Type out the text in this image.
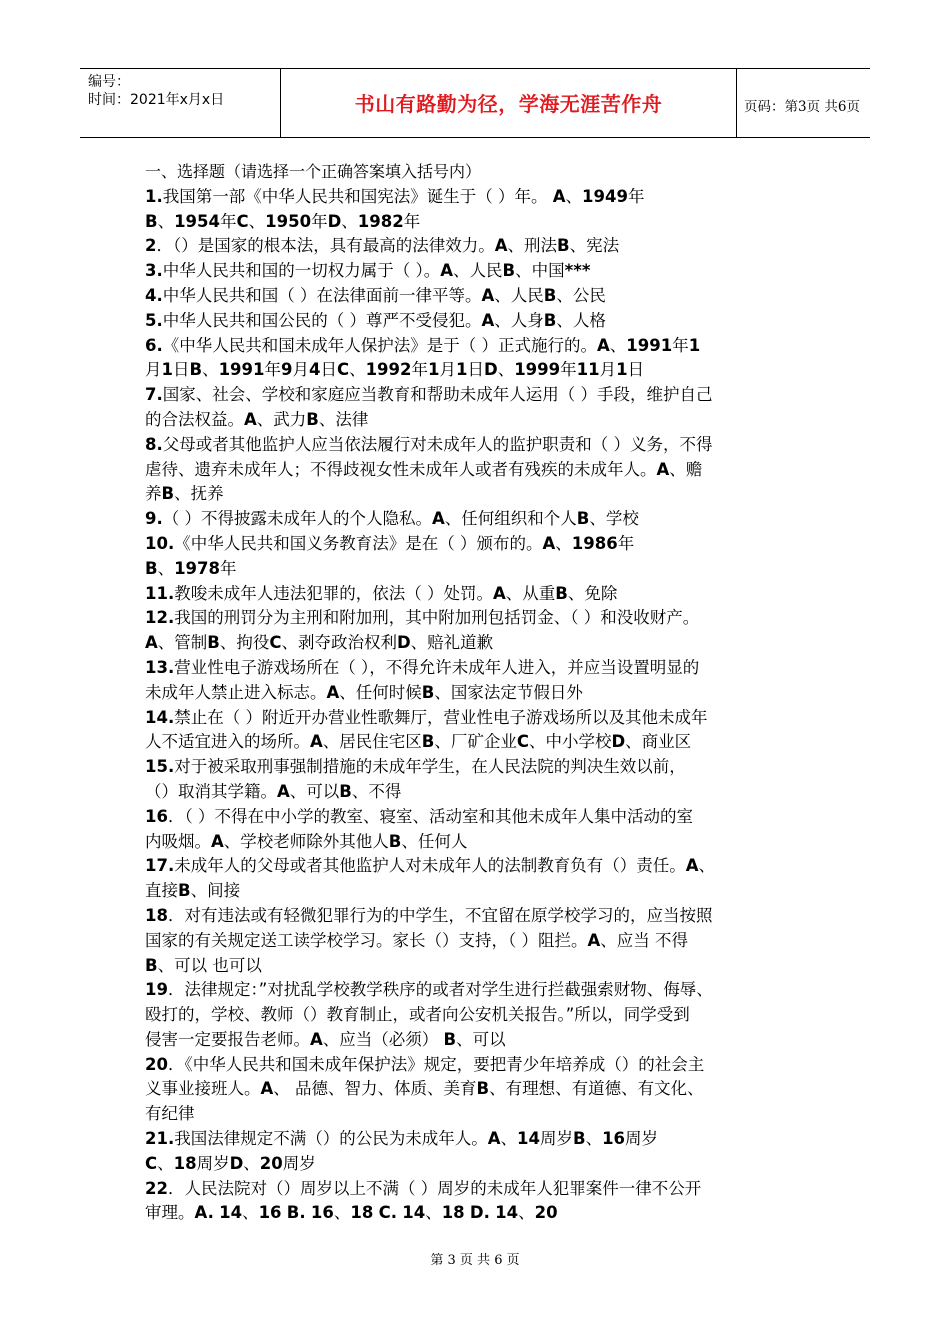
编号：
时间：2021年x月x日	书山有路勤为径，学海无涯苦作舟	页码：第3页 共6页
一、选择题（请选择一个正确答案填入括号内）
1.我国第一部《中华人民共和国宪法》诞生于（ ）年。 A、1949年
B、1954年C、1950年D、1982年
2．（）是国家的根本法，具有最高的法律效力。A、刑法B、宪法
3.中华人民共和国的一切权力属于（ ）。A、人民B、中国***
4.中华人民共和国（ ）在法律面前一律平等。A、人民B、公民
5.中华人民共和国公民的（ ）尊严不受侵犯。A、人身B、人格
6.《中华人民共和国未成年人保护法》是于（ ）正式施行的。A、1991年1
月1日B、1991年9月4日C、1992年1月1日D、1999年11月1日
7.国家、社会、学校和家庭应当教育和帮助未成年人运用（ ）手段，维护自己
的合法权益。A、武力B、法律
8.父母或者其他监护人应当依法履行对未成年人的监护职责和（ ）义务，不得
虐待、遗弃未成年人；不得歧视女性未成年人或者有残疾的未成年人。A、赡
养B、抚养
9.（ ）不得披露未成年人的个人隐私。A、任何组织和个人B、学校
10.《中华人民共和国义务教育法》是在（ ）颁布的。A、1986年
B、1978年
11.教唆未成年人违法犯罪的，依法（ ）处罚。A、从重B、免除
12.我国的刑罚分为主刑和附加刑，其中附加刑包括罚金、（ ）和没收财产。
A、管制B、拘役C、剥夺政治权利D、赔礼道歉
13.营业性电子游戏场所在（ ），不得允许未成年人进入，并应当设置明显的
未成年人禁止进入标志。A、任何时候B、国家法定节假日外
14.禁止在（ ）附近开办营业性歌舞厅，营业性电子游戏场所以及其他未成年
人不适宜进入的场所。A、居民住宅区B、厂矿企业C、中小学校D、商业区
15.对于被采取刑事强制措施的未成年学生，在人民法院的判决生效以前，
（）取消其学籍。A、可以B、不得
16．（ ）不得在中小学的教室、寝室、活动室和其他未成年人集中活动的室
内吸烟。A、学校老师除外其他人B、任何人
17.未成年人的父母或者其他监护人对未成年人的法制教育负有（）责任。A、
直接B、间接
18．对有违法或有轻微犯罪行为的中学生，不宜留在原学校学习的，应当按照
国家的有关规定送工读学校学习。家长（）支持，（ ）阻拦。A、应当 不得
B、可以 也可以
19．法律规定：”对扰乱学校教学秩序的或者对学生进行拦截强索财物、侮辱、
殴打的，学校、教师（）教育制止，或者向公安机关报告。”所以，同学受到
侵害一定要报告老师。A、应当（必须） B、可以
20．《中华人民共和国未成年保护法》规定，要把青少年培养成（）的社会主
义事业接班人。A、 品德、智力、体质、美育B、有理想、有道德、有文化、
有纪律
21.我国法律规定不满（）的公民为未成年人。A、14周岁B、16周岁
C、18周岁D、20周岁
22．人民法院对（）周岁以上不满（ ）周岁的未成年人犯罪案件一律不公开
审理。A. 14、16 B. 16、18 C. 14、18 D. 14、20
第 3 页 共 6 页
